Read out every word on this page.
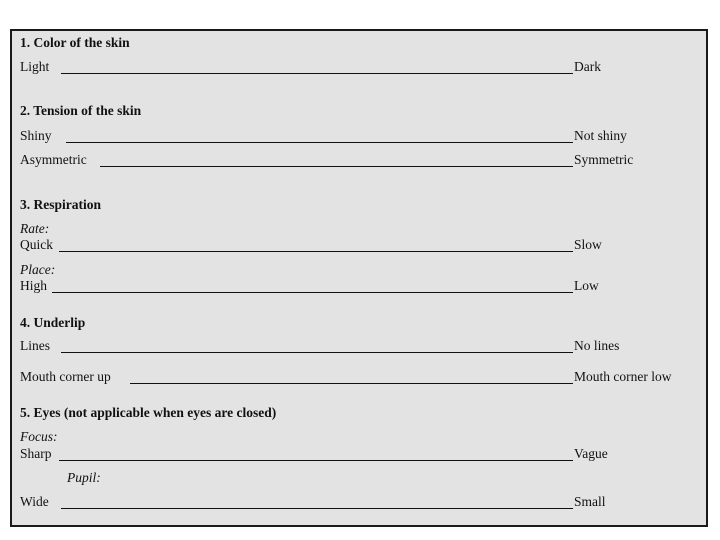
1. Color of the skin
Light	Dark
2. Tension of the skin
Shiny	Not shiny
Asymmetric	Symmetric
3. Respiration
Rate:
Quick	Slow
Place:
High	Low
4. Underlip
Lines	No lines
Mouth corner up	Mouth corner low
5. Eyes (not applicable when eyes are closed)
Focus:
Sharp	Vague
Pupil:
Wide	Small
